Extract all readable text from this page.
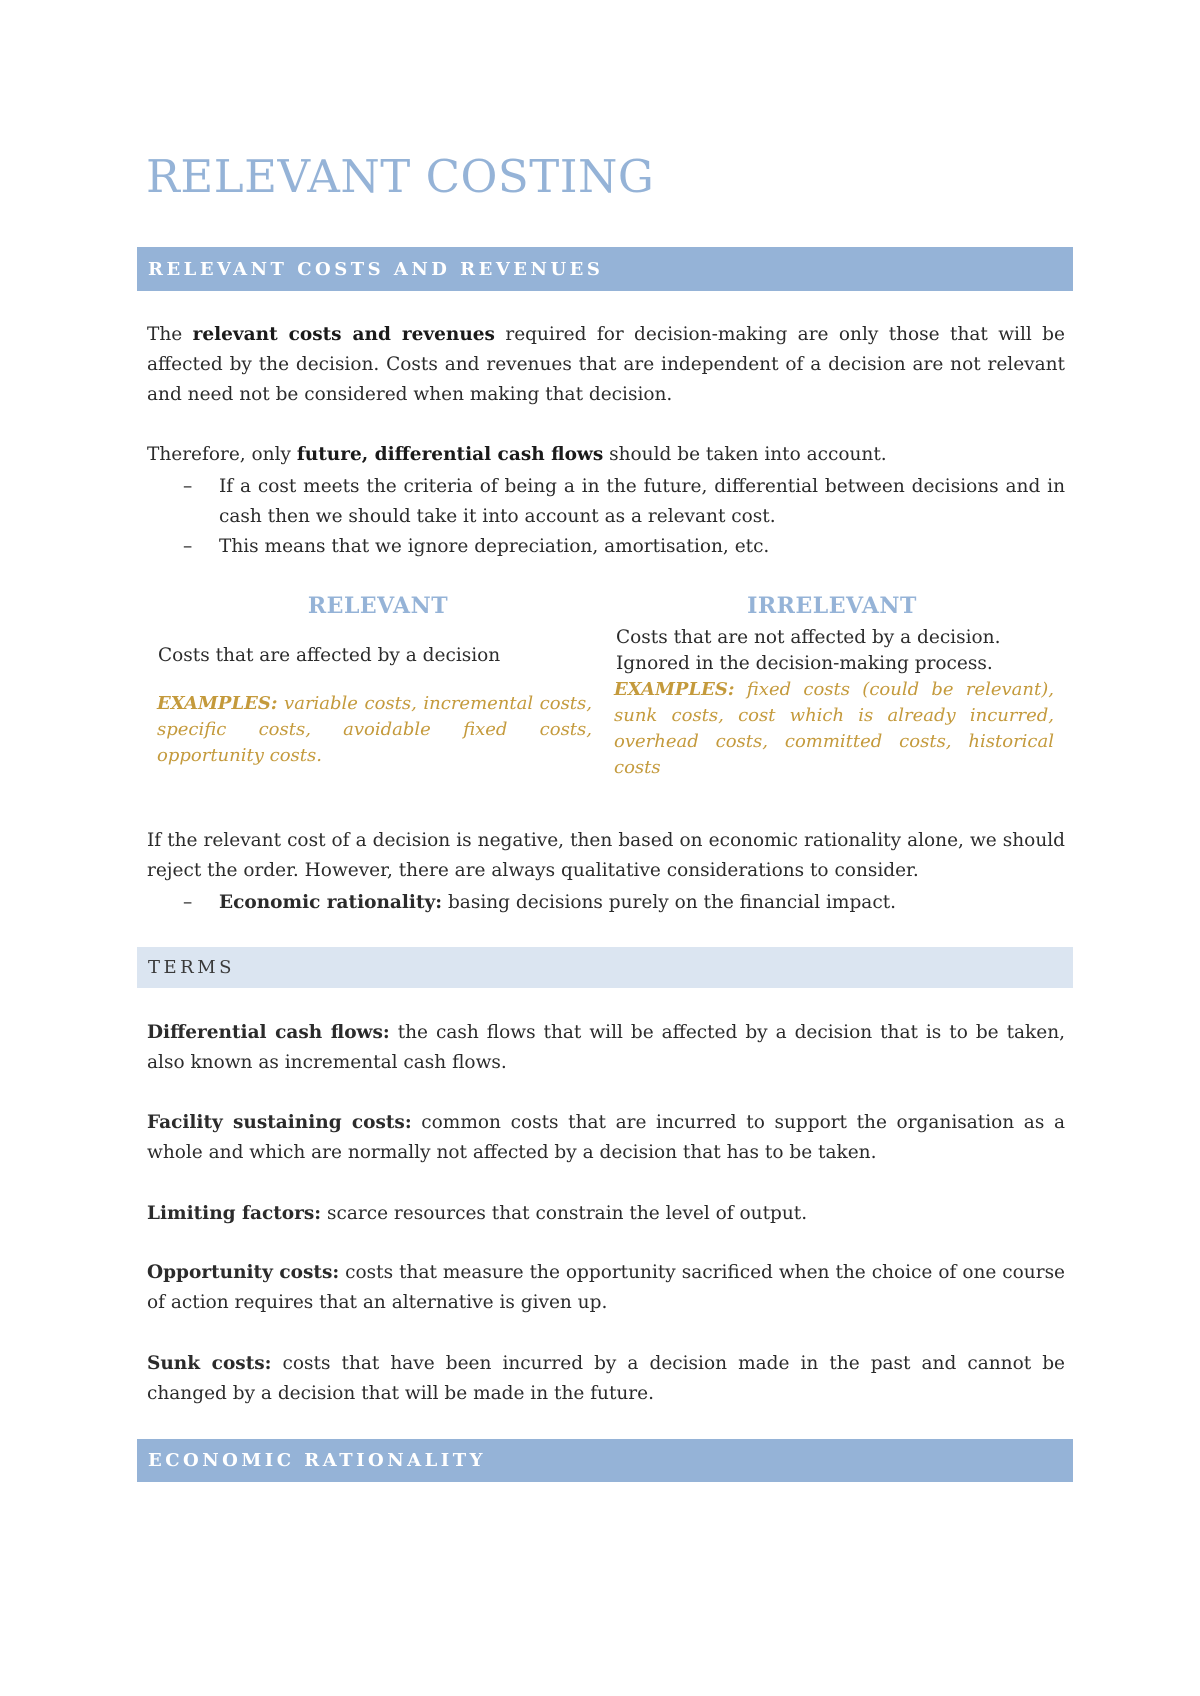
RELEVANT COSTING
RELEVANT COSTS AND REVENUES

The relevant costs and revenues required for decision-making are only those that will be affected by the decision. Costs and revenues that are independent of a decision are not relevant and need not be considered when making that decision.

Therefore, only future, differential cash flows should be taken into account.

– If a cost meets the criteria of being a in the future, differential between decisions and in cash then we should take it into account as a relevant cost.
– This means that we ignore depreciation, amortisation, etc.
RELEVANT	IRRELEVANT

Costs that are affected by a decision

EXAMPLES: variable costs, incremental costs, specific costs, avoidable fixed costs, opportunity costs.

Costs that are not affected by a decision.
Ignored in the decision-making process.

EXAMPLES: fixed costs (could be relevant), sunk costs, cost which is already incurred, overhead costs, committed costs, historical costs

If the relevant cost of a decision is negative, then based on economic rationality alone, we should reject the order. However, there are always qualitative considerations to consider.

– Economic rationality: basing decisions purely on the financial impact.
TERMS

Differential cash flows: the cash flows that will be affected by a decision that is to be taken, also known as incremental cash flows.

Facility sustaining costs: common costs that are incurred to support the organisation as a whole and which are normally not affected by a decision that has to be taken.

Limiting factors: scarce resources that constrain the level of output.

Opportunity costs: costs that measure the opportunity sacrificed when the choice of one course of action requires that an alternative is given up.

Sunk costs: costs that have been incurred by a decision made in the past and cannot be changed by a decision that will be made in the future.

ECONOMIC RATIONALITY
